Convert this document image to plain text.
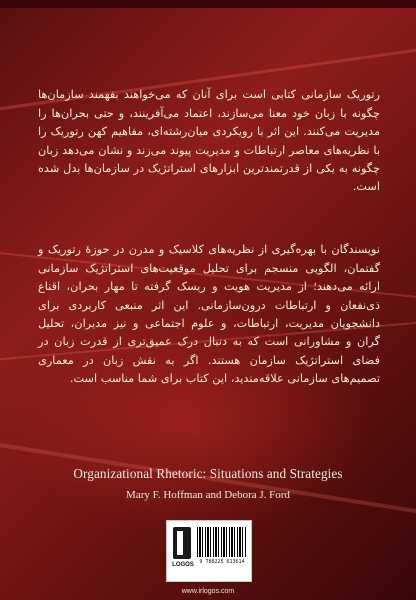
رتوریک سازمانی کتابی است برای آنان که می‌خواهند بفهمند سازمان‌ها چگونه با زبان خود معنا می‌سازند، اعتماد می‌آفرینند، و حتی بحران‌ها را مدیریت می‌کنند. این اثر با رویکردی میان‌رشته‌ای، مفاهیم کهن رتوریک را با نظریه‌های معاصر ارتباطات و مدیریت پیوند می‌زند و نشان می‌دهد زبان چگونه به یکی از قدرتمندترین ابزارهای استراتژیک در سازمان‌ها بدل شده است.

نویسندگان با بهره‌گیری از نظریه‌های کلاسیک و مدرن در حوزهٔ رتوریک و گفتمان، الگویی منسجم برای تحلیل موقعیت‌های استراتژیک سازمانی ارائه می‌دهند؛ از مدیریت هویت و ریسک گرفته تا مهار بحران، اقناع ذی‌نفعان و ارتباطات درون‌سازمانی. این اثر منبعی کاربردی برای دانشجویان مدیریت، ارتباطات، و علوم اجتماعی و نیز مدیران، تحلیل گران و مشاورانی است که به دنبال درک عمیق‌تری از قدرت زبان در فضای استراتژیک سازمان هستند. اگر به نقش زبان در معماری تصمیم‌های سازمانی علاقه‌مندید، این کتاب برای شما مناسب است.

Organizational Rhetoric: Situations and Strategies
Mary F. Hoffman and Debora J. Ford
LOGOS	9 786225 613614
www.irlogos.com
